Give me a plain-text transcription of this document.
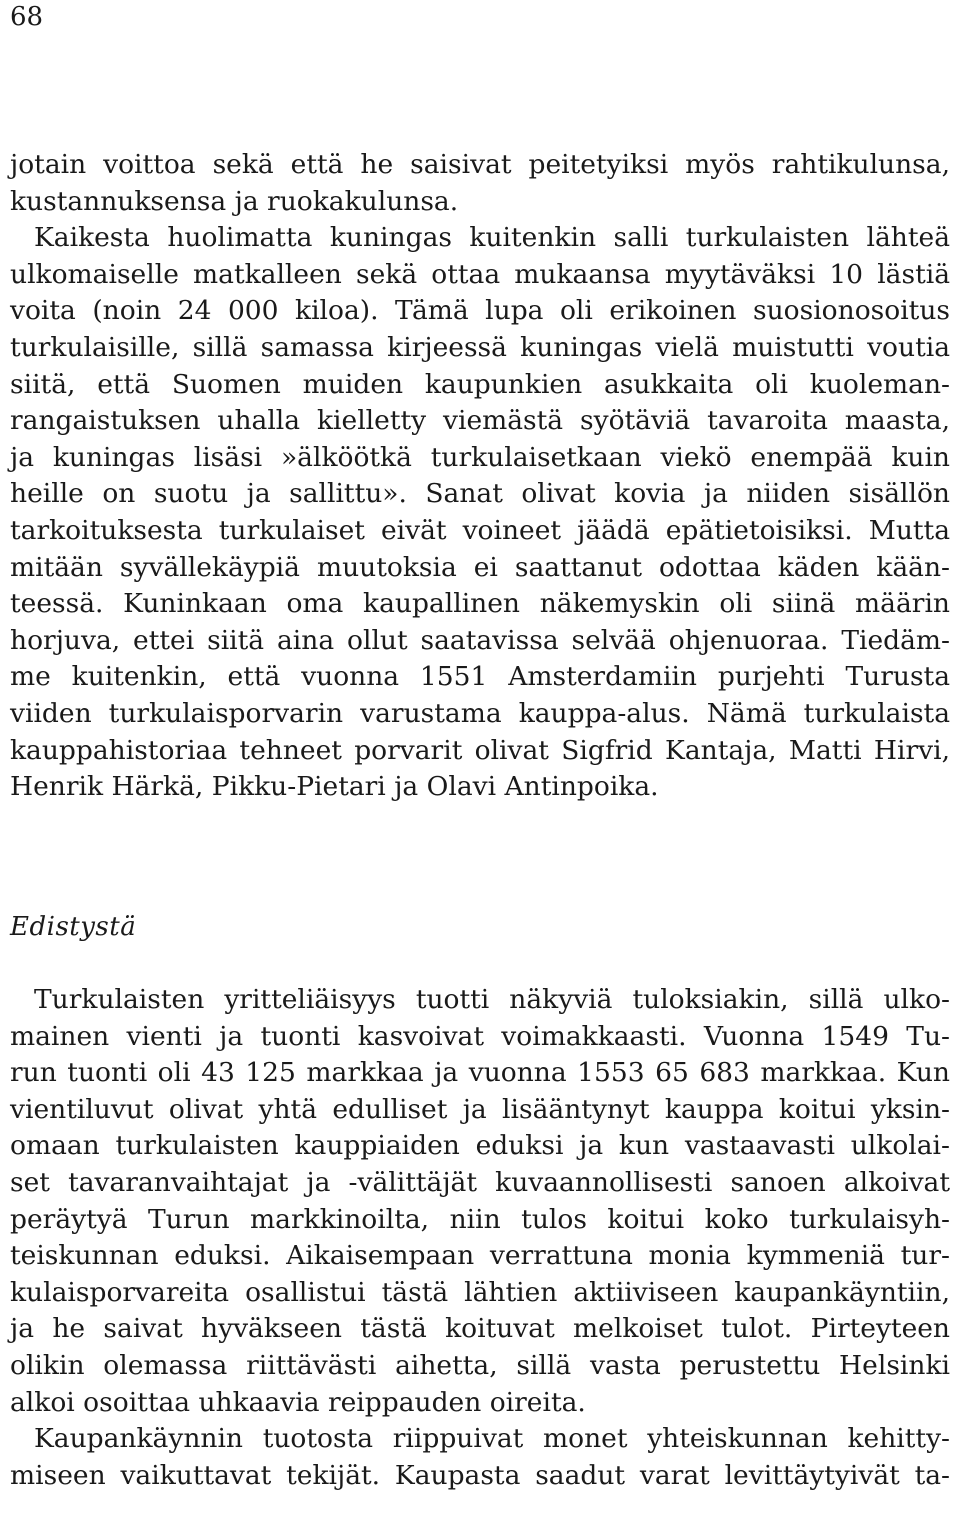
68
jotain voittoa sekä että he saisivat peitetyiksi myös rahtikulunsa,
kustannuksensa ja ruokakulunsa.
Kaikesta huolimatta kuningas kuitenkin salli turkulaisten lähteä
ulkomaiselle matkalleen sekä ottaa mukaansa myytäväksi 10 lästiä
voita (noin 24 000 kiloa). Tämä lupa oli erikoinen suosionosoitus
turkulaisille, sillä samassa kirjeessä kuningas vielä muistutti voutia
siitä, että Suomen muiden kaupunkien asukkaita oli kuoleman-
rangaistuksen uhalla kielletty viemästä syötäviä tavaroita maasta,
ja kuningas lisäsi »älköötkä turkulaisetkaan viekö enempää kuin
heille on suotu ja sallittu». Sanat olivat kovia ja niiden sisällön
tarkoituksesta turkulaiset eivät voineet jäädä epätietoisiksi. Mutta
mitään syvällekäypiä muutoksia ei saattanut odottaa käden kään-
teessä. Kuninkaan oma kaupallinen näkemyskin oli siinä määrin
horjuva, ettei siitä aina ollut saatavissa selvää ohjenuoraa. Tiedäm-
me kuitenkin, että vuonna 1551 Amsterdamiin purjehti Turusta
viiden turkulaisporvarin varustama kauppa-alus. Nämä turkulaista
kauppahistoriaa tehneet porvarit olivat Sigfrid Kantaja, Matti Hirvi,
Henrik Härkä, Pikku-Pietari ja Olavi Antinpoika.
Edistystä
Turkulaisten yritteliäisyys tuotti näkyviä tuloksiakin, sillä ulko-
mainen vienti ja tuonti kasvoivat voimakkaasti. Vuonna 1549 Tu-
run tuonti oli 43 125 markkaa ja vuonna 1553 65 683 markkaa. Kun
vientiluvut olivat yhtä edulliset ja lisääntynyt kauppa koitui yksin-
omaan turkulaisten kauppiaiden eduksi ja kun vastaavasti ulkolai-
set tavaranvaihtajat ja -välittäjät kuvaannollisesti sanoen alkoivat
peräytyä Turun markkinoilta, niin tulos koitui koko turkulaisyh-
teiskunnan eduksi. Aikaisempaan verrattuna monia kymmeniä tur-
kulaisporvareita osallistui tästä lähtien aktiiviseen kaupankäyntiin,
ja he saivat hyväkseen tästä koituvat melkoiset tulot. Pirteyteen
olikin olemassa riittävästi aihetta, sillä vasta perustettu Helsinki
alkoi osoittaa uhkaavia reippauden oireita.
Kaupankäynnin tuotosta riippuivat monet yhteiskunnan kehitty-
miseen vaikuttavat tekijät. Kaupasta saadut varat levittäytyivät ta-
